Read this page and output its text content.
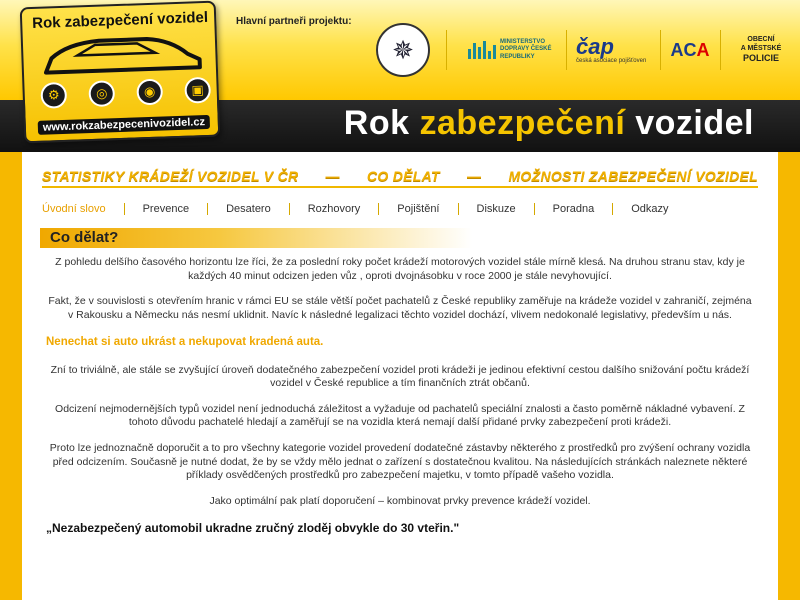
Rok zabezpečení vozidel
Rok zabezpečení vozidel
⚙	◎	◉	▣
www.rokzabezpecenivozidel.cz
Hlavní partneři projektu:
✵	MINISTERSTVO DOPRAVY ČESKÉ REPUBLIKY	čap
česká asociace pojišťoven
AC A	OBECNÍ
A MĚSTSKÉ
POLICIE
STATISTIKY KRÁDEŽÍ VOZIDEL V ČR — CO DĚLAT — MOŽNOSTI ZABEZPEČENÍ VOZIDEL
Úvodní slovo	Prevence	Desatero	Rozhovory	Pojištění	Diskuze	Poradna	Odkazy
Co dělat?

Z pohledu delšího časového horizontu lze říci, že za poslední roky počet krádeží motorových vozidel stále mírně klesá. Na druhou stranu stav, kdy je každých 40 minut odcizen jeden vůz , oproti dvojnásobku v roce 2000 je stále nevyhovující.

Fakt, že v souvislosti s otevřením hranic v rámci EU se stále větší počet pachatelů z České republiky zaměřuje na krádeže vozidel v zahraničí, zejména v Rakousku a Německu nás nesmí uklidnit. Navíc k následné legalizaci těchto vozidel dochází, vlivem nedokonalé legislativy, především u nás.

Nenechat si auto ukrást a nekupovat kradená auta.

Zní to triviálně, ale stále se zvyšující úroveň dodatečného zabezpečení vozidel proti krádeži je jedinou efektivní cestou dalšího snižování počtu krádeží vozidel v České republice a tím finančních ztrát občanů.

Odcizení nejmodernějších typů vozidel není jednoduchá záležitost a vyžaduje od pachatelů speciální znalosti a často poměrně nákladné vybavení. Z tohoto důvodu pachatelé hledají a zaměřují se na vozidla která nemají další přidané prvky zabezpečení proti krádeži.

Proto lze jednoznačně doporučit a to pro všechny kategorie vozidel provedení dodatečné zástavby některého z prostředků pro zvýšení ochrany vozidla před odcizením. Současně je nutné dodat, že by se vždy mělo jednat o zařízení s dostatečnou kvalitou. Na následujících stránkách naleznete některé příklady osvědčených prostředků pro zabezpečení majetku, v tomto případě vašeho vozidla.

Jako optimální pak platí doporučení – kombinovat prvky prevence krádeží vozidel.

„Nezabezpečený automobil ukradne zručný zloděj obvykle do 30 vteřin."
